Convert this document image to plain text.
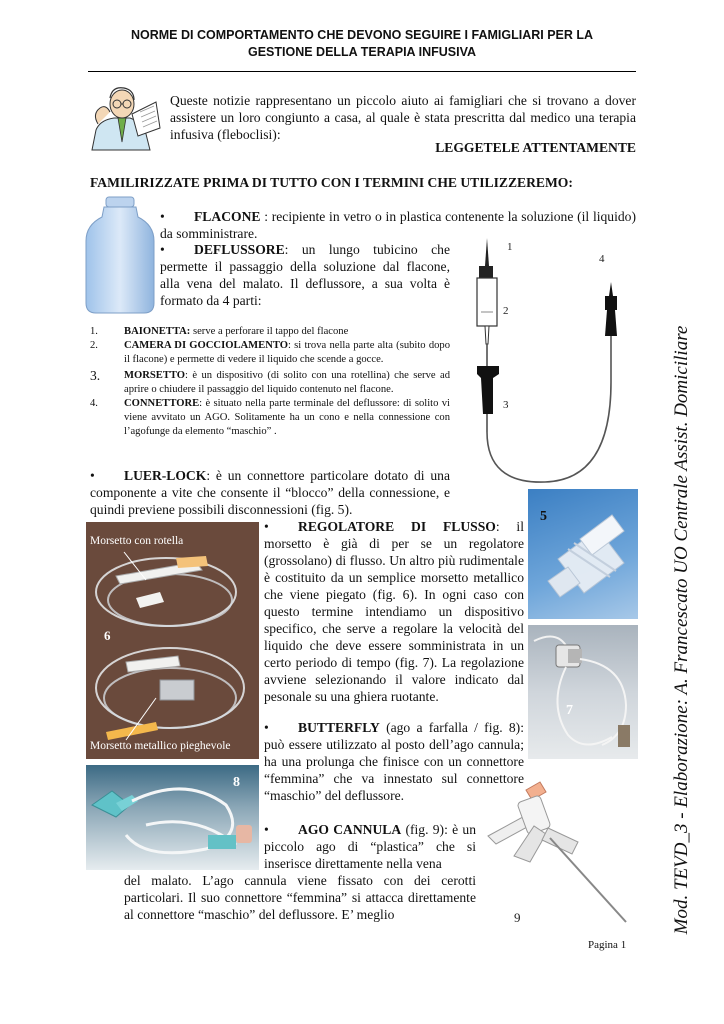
NORME DI COMPORTAMENTO CHE DEVONO SEGUIRE I FAMIGLIARI PER LA
GESTIONE DELLA TERAPIA INFUSIVA
Queste notizie rappresentano un piccolo aiuto ai famigliari che si trovano a dover assistere un loro congiunto a casa, al quale è stata prescritta dal medico una terapia infusiva (fleboclisi):
LEGGETELE ATTENTAMENTE
FAMILIRIZZATE PRIMA DI TUTTO CON I TERMINI CHE UTILIZZEREMO:
• FLACONE : recipiente in vetro o in plastica contenente la soluzione (il liquido) da somministrare.
• DEFLUSSORE: un lungo tubicino che permette il passaggio della soluzione dal flacone, alla vena del malato. Il deflussore, a sua volta è formato da 4 parti:
1
2
3
4
1. BAIONETTA: serve a perforare il tappo del flacone
2. CAMERA DI GOCCIOLAMENTO: si trova nella parte alta (subito dopo il flacone) e permette di vedere il liquido che scende a gocce.
3. MORSETTO: è un dispositivo (di solito con una rotellina) che serve ad aprire o chiudere il passaggio del liquido contenuto nel flacone.
4. CONNETTORE: è situato nella parte terminale del deflussore: di solito vi viene avvitato un AGO. Solitamente ha un cono e nella connessione con l’agofunge da elemento “maschio” .
• LUER-LOCK: è un connettore particolare dotato di una componente a vite che consente il “blocco” della connessione, e quindi previene possibili disconnessioni (fig. 5).	5
Morsetto con rotella
6
Morsetto metallico pieghevole
• REGOLATORE DI FLUSSO: il morsetto è già di per se un regolatore (grossolano) di flusso. Un altro più rudimentale è costituito da un semplice morsetto metallico che viene piegato (fig. 6). In ogni caso con questo termine intendiamo un dispositivo specifico, che serve a regolare la velocità del liquido che deve essere somministrata in un certo periodo di tempo (fig. 7). La regolazione avviene selezionando il valore indicato dal pesonale su una ghiera ruotante.
7
• BUTTERFLY (ago a farfalla / fig. 8): può essere utilizzato al posto dell’ago cannula; ha una prolunga che finisce con un connettore “femmina” che va innestato sul connettore “maschio” del deflussore.
8
• AGO CANNULA (fig. 9): è un piccolo ago di “plastica” che si inserisce direttamente nella vena
del malato. L’ago cannula viene fissato con dei cerotti particolari. Il suo connettore “femmina” si attacca direttamente al connettore “maschio” del deflussore. E’ meglio	9	Mod. TEVD_3 - Elaborazione: A. Francescato UO Centrale Assist. Domiciliare
Pagina 1
